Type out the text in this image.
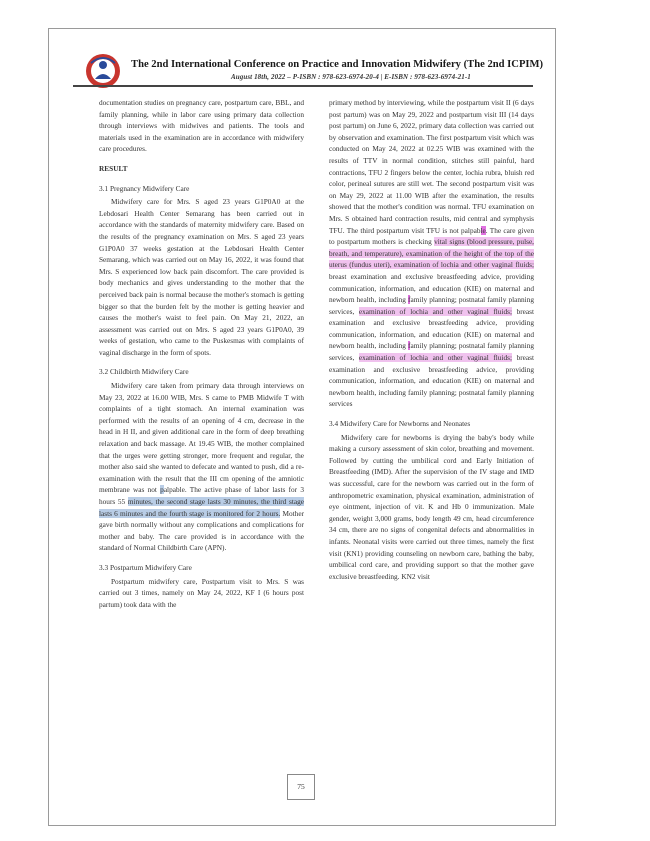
The 2nd International Conference on Practice and Innovation Midwifery (The 2nd ICPIM)
August 18th, 2022 – P-ISBN : 978-623-6974-20-4 | E-ISBN : 978-623-6974-21-1

documentation studies on pregnancy care, postpartum care, BBL, and family planning, while in labor care using primary data collection through interviews with midwives and patients. The tools and materials used in the examination are in accordance with midwifery care procedures.

RESULT
3.1 Pregnancy Midwifery Care

Midwifery care for Mrs. S aged 23 years G1P0A0 at the Lebdosari Health Center Semarang has been carried out in accordance with the standards of maternity midwifery care. Based on the results of the pregnancy examination on Mrs. S aged 23 years G1P0A0 37 weeks gestation at the Lebdosari Health Center Semarang, which was carried out on May 16, 2022, it was found that Mrs. S experienced low back pain discomfort. The care provided is body mechanics and gives understanding to the mother that the perceived back pain is normal because the mother's stomach is getting bigger so that the burden felt by the mother is getting heavier and causes the mother's waist to feel pain. On May 21, 2022, an assessment was carried out on Mrs. S aged 23 years G1P0A0, 39 weeks of gestation, who came to the Puskesmas with complaints of vaginal discharge in the form of spots.

3.2 Childbirth Midwifery Care

Midwifery care taken from primary data through interviews on May 23, 2022 at 16.00 WIB, Mrs. S came to PMB Midwife T with complaints of a tight stomach. An internal examination was performed with the results of an opening of 4 cm, decrease in the head in H II, and given additional care in the form of deep breathing relaxation and back massage. At 19.45 WIB, the mother complained that the urges were getting stronger, more frequent and regular, the mother also said she wanted to defecate and wanted to push, did a re-examination with the result that the III cm opening of the amniotic membrane was not palpable. The active phase of labor lasts for 3 hours 55 minutes, the second stage lasts 30 minutes, the third stage lasts 6 minutes and the fourth stage is monitored for 2 hours. Mother gave birth normally without any complications and complications for mother and baby. The care provided is in accordance with the standard of Normal Childbirth Care (APN).

3.3 Postpartum Midwifery Care

Postpartum midwifery care, Postpartum visit to Mrs. S was carried out 3 times, namely on May 24, 2022, KF I (6 hours post partum) took data with the

primary method by interviewing, while the postpartum visit II (6 days post partum) was on May 29, 2022 and postpartum visit III (14 days post partum) on June 6, 2022, primary data collection was carried out by observation and examination. The first postpartum visit which was conducted on May 24, 2022 at 02.25 WIB was examined with the results of TTV in normal condition, stitches still painful, hard contractions, TFU 2 fingers below the center, lochia rubra, bluish red color, perineal sutures are still wet. The second postpartum visit was on May 29, 2022 at 11.00 WIB after the examination, the results showed that the mother's condition was normal. TFU examination on Mrs. S obtained hard contraction results, mid central and symphysis TFU. The third postpartum visit TFU is not palpable. The care given to postpartum mothers is checking vital signs (blood pressure, pulse, breath, and temperature), examination of the height of the top of the uterus (fundus uteri), examination of lochia and other vaginal fluids; breast examination and exclusive breastfeeding advice, providing communication, information, and education (KIE) on maternal and newborn health, including family planning; postnatal family planning services, examination of lochia and other vaginal fluids; breast examination and exclusive breastfeeding advice, providing communication, information, and education (KIE) on maternal and newborn health, including family planning; postnatal family planning services, examination of lochia and other vaginal fluids; breast examination and exclusive breastfeeding advice, providing communication, information, and education (KIE) on maternal and newborn health, including family planning; postnatal family planning services

3.4 Midwifery Care for Newborns and Neonates

Midwifery care for newborns is drying the baby's body while making a cursory assessment of skin color, breathing and movement. Followed by cutting the umbilical cord and Early Initiation of Breastfeeding (IMD). After the supervision of the IV stage and IMD was successful, care for the newborn was carried out in the form of anthropometric examination, physical examination, administration of eye ointment, injection of vit. K and Hb 0 immunization. Male gender, weight 3,000 grams, body length 49 cm, head circumference 34 cm, there are no signs of congenital defects and abnormalities in infants. Neonatal visits were carried out three times, namely the first visit (KN1) providing counseling on newborn care, bathing the baby, umbilical cord care, and providing support so that the mother gave exclusive breastfeeding. KN2 visit

75
